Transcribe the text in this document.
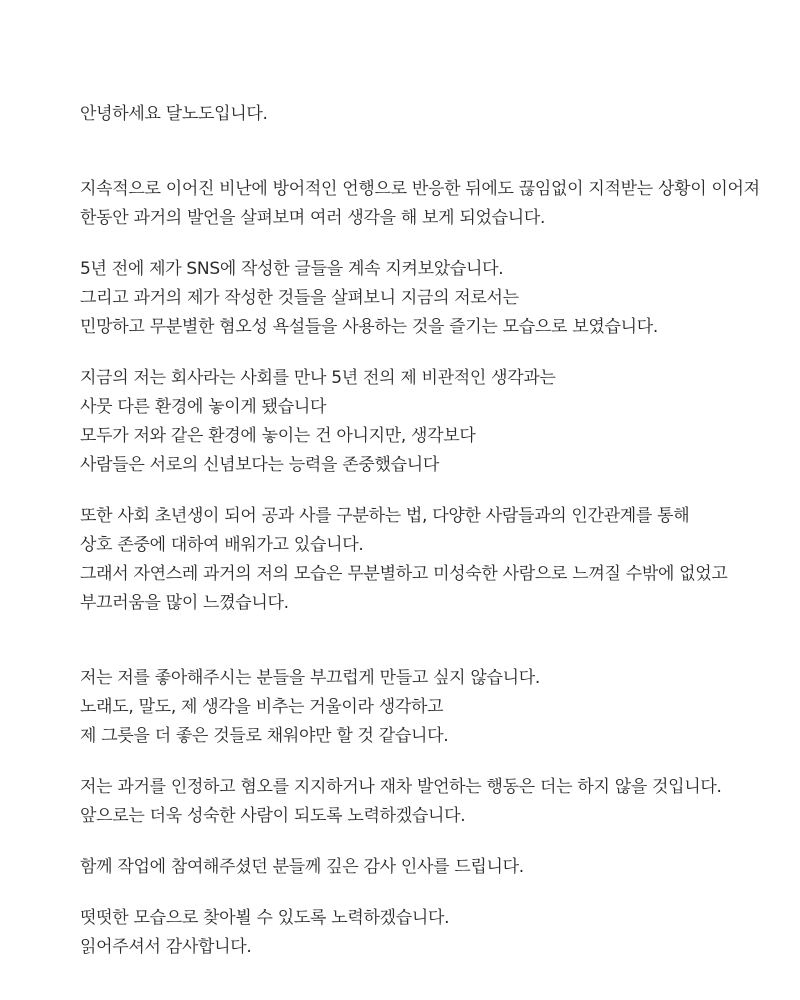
안녕하세요 달노도입니다.
지속적으로 이어진 비난에 방어적인 언행으로 반응한 뒤에도 끊임없이 지적받는 상황이 이어져
한동안 과거의 발언을 살펴보며 여러 생각을 해 보게 되었습니다.
5년 전에 제가 SNS에 작성한 글들을 계속 지켜보았습니다.
그리고 과거의 제가 작성한 것들을 살펴보니 지금의 저로서는
민망하고 무분별한 혐오성 욕설들을 사용하는 것을 즐기는 모습으로 보였습니다.
지금의 저는 회사라는 사회를 만나 5년 전의 제 비관적인 생각과는
사뭇 다른 환경에 놓이게 됐습니다
모두가 저와 같은 환경에 놓이는 건 아니지만, 생각보다
사람들은 서로의 신념보다는 능력을 존중했습니다
또한 사회 초년생이 되어 공과 사를 구분하는 법, 다양한 사람들과의 인간관계를 통해
상호 존중에 대하여 배워가고 있습니다.
그래서 자연스레 과거의 저의 모습은 무분별하고 미성숙한 사람으로 느껴질 수밖에 없었고
부끄러움을 많이 느꼈습니다.
저는 저를 좋아해주시는 분들을 부끄럽게 만들고 싶지 않습니다.
노래도, 말도, 제 생각을 비추는 거울이라 생각하고
제 그릇을 더 좋은 것들로 채워야만 할 것 같습니다.
저는 과거를 인정하고 혐오를 지지하거나 재차 발언하는 행동은 더는 하지 않을 것입니다.
앞으로는 더욱 성숙한 사람이 되도록 노력하겠습니다.
함께 작업에 참여해주셨던 분들께 깊은 감사 인사를 드립니다.
떳떳한 모습으로 찾아뵐 수 있도록 노력하겠습니다.
읽어주셔서 감사합니다.
